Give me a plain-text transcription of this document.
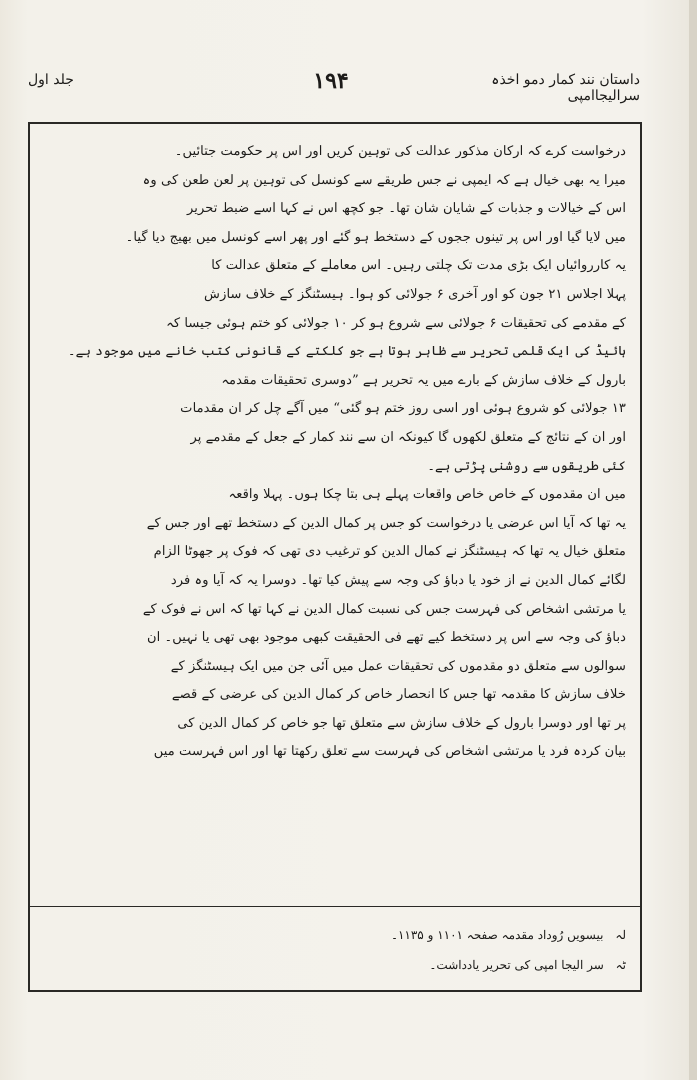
داستان نند کمار دمو اخذہ سرالیجاامپی
۱۹۴
جلد اول
درخواست کرے کہ ارکان مذکور عدالت کی توہین کریں اور اس پر حکومت جتائیں۔
میرا یہ بھی خیال ہے کہ ایمپی نے جس طریقے سے کونسل کی توہین پر لعن طعن کی وہ
اس کے خیالات و جذبات کے شایان شان تھا۔ جو کچھ اس نے کہا اسے ضبط تحریر
میں لایا گیا اور اس پر تینوں ججوں کے دستخط ہو گئے اور پھر اسے کونسل میں بھیج دیا گیا۔
یہ کارروائیاں ایک بڑی مدت تک چلتی رہیں۔ اس معاملے کے متعلق عدالت کا
پہلا اجلاس ۲۱ جون کو اور آخری ۶ جولائی کو ہوا۔ ہیسٹنگز کے خلاف سازش
کے مقدمے کی تحقیقات ۶ جولائی سے شروع ہو کر ۱۰ جولائی کو ختم ہوئی جیسا کہ
ہائیڈ کی ایک قلمی تحریر سے ظاہر ہوتا ہے جو کلکتے کے قانونی کتب خانے میں موجود ہے۔
بارول کے خلاف سازش کے بارے میں یہ تحریر ہے ”دوسری تحقیقات مقدمہ
۱۳ جولائی کو شروع ہوئی اور اسی روز ختم ہو گئی“ میں آگے چل کر ان مقدمات
اور ان کے نتائج کے متعلق لکھوں گا کیونکہ ان سے نند کمار کے جعل کے مقدمے پر
کئی طریقوں سے روشنی پڑتی ہے۔
میں ان مقدموں کے خاص خاص واقعات پہلے ہی بتا چکا ہوں۔ پہلا واقعہ
یہ تھا کہ آیا اس عرضی یا درخواست کو جس پر کمال الدین کے دستخط تھے اور جس کے
متعلق خیال یہ تھا کہ ہیسٹنگز نے کمال الدین کو ترغیب دی تھی کہ فوک پر جھوٹا الزام
لگائے کمال الدین نے از خود یا دباؤ کی وجہ سے پیش کیا تھا۔ دوسرا یہ کہ آیا وہ فرد
یا مرتشی اشخاص کی فہرست جس کی نسبت کمال الدین نے کہا تھا کہ اس نے فوک کے
دباؤ کی وجہ سے اس پر دستخط کیے تھے فی الحقیقت کبھی موجود بھی تھی یا نہیں۔ ان
سوالوں سے متعلق دو مقدموں کی تحقیقات عمل میں آئی جن میں ایک ہیسٹنگز کے
خلاف سازش کا مقدمہ تھا جس کا انحصار خاص کر کمال الدین کی عرضی کے قصے
پر تھا اور دوسرا بارول کے خلاف سازش سے متعلق تھا جو خاص کر کمال الدین کی
بیان کردہ فرد یا مرتشی اشخاص کی فہرست سے تعلق رکھتا تھا اور اس فہرست میں
لہ بیسویں رُوداد مقدمہ صفحہ ۱۱۰۱ و ۱۱۳۵۔
ٹہ سر الیجا امپی کی تحریر یادداشت۔
